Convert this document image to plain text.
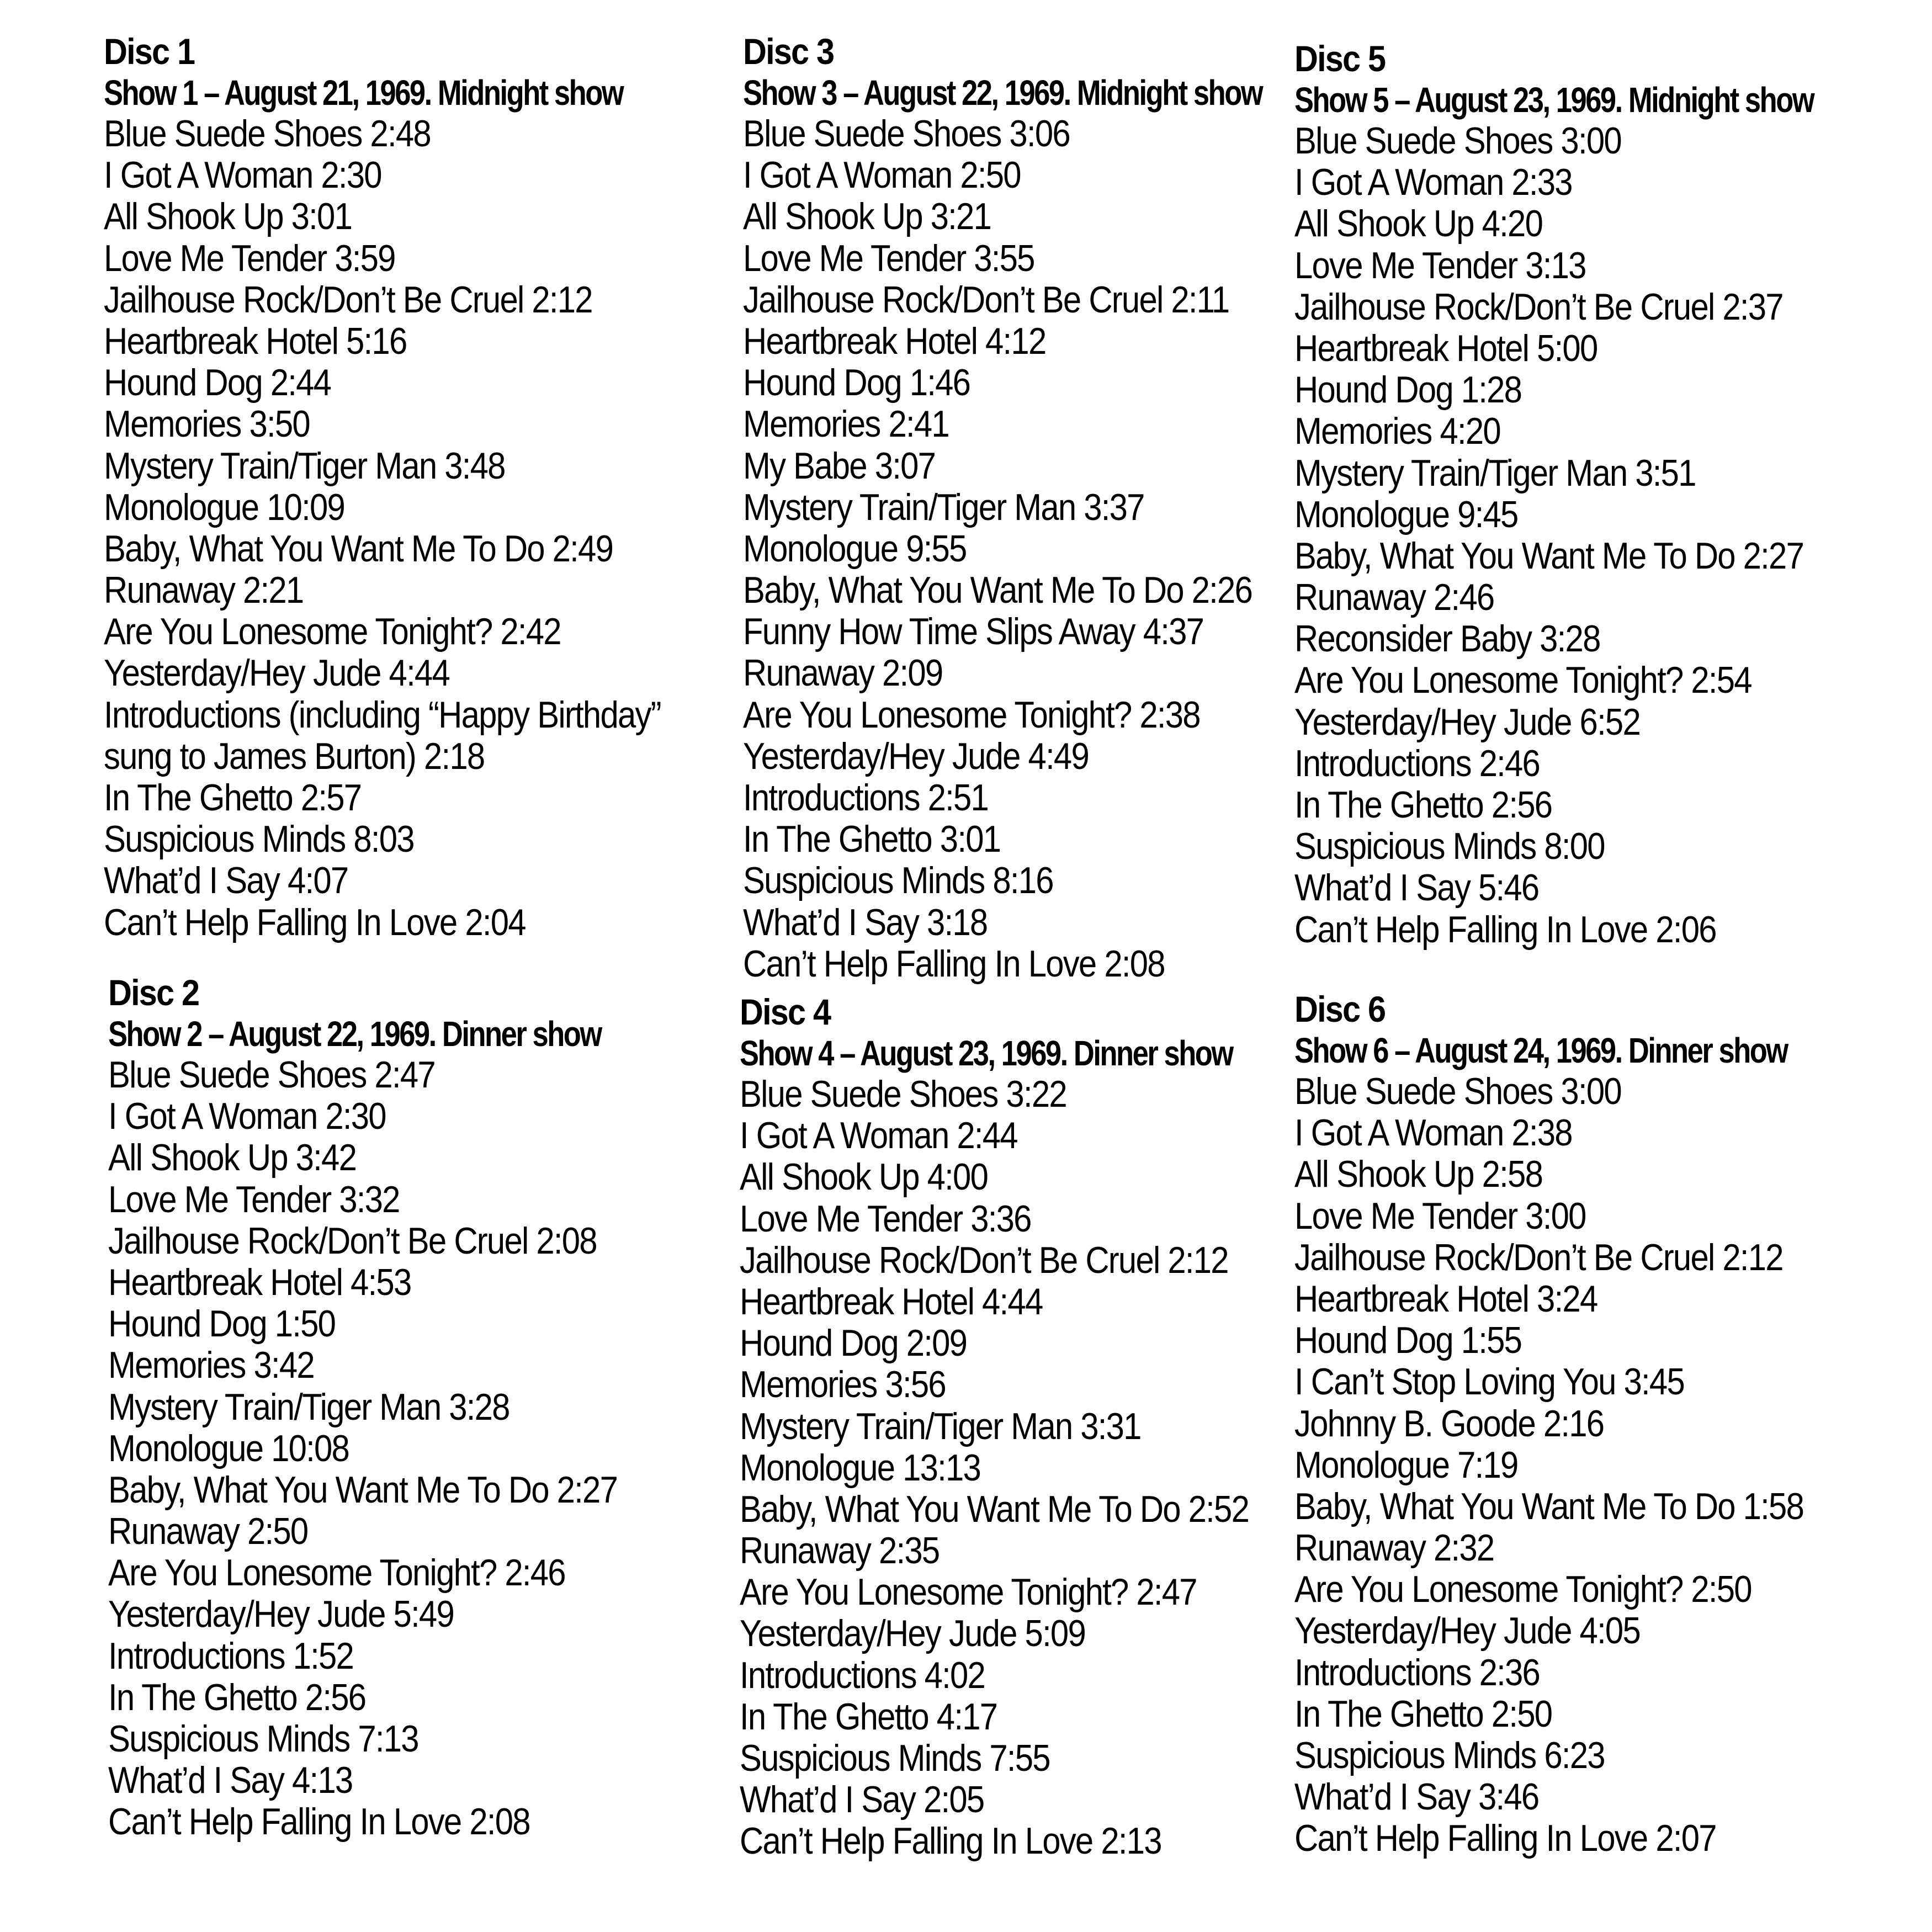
Disc 1
Show 1 – August 21, 1969. Midnight show
Blue Suede Shoes 2:48
I Got A Woman 2:30
All Shook Up 3:01
Love Me Tender 3:59
Jailhouse Rock/Don’t Be Cruel 2:12
Heartbreak Hotel 5:16
Hound Dog 2:44
Memories 3:50
Mystery Train/Tiger Man 3:48
Monologue 10:09
Baby, What You Want Me To Do 2:49
Runaway 2:21
Are You Lonesome Tonight? 2:42
Yesterday/Hey Jude 4:44
Introductions (including “Happy Birthday”
sung to James Burton) 2:18
In The Ghetto 2:57
Suspicious Minds 8:03
What’d I Say 4:07
Can’t Help Falling In Love 2:04
Disc 2
Show 2 – August 22, 1969. Dinner show
Blue Suede Shoes 2:47
I Got A Woman 2:30
All Shook Up 3:42
Love Me Tender 3:32
Jailhouse Rock/Don’t Be Cruel 2:08
Heartbreak Hotel 4:53
Hound Dog 1:50
Memories 3:42
Mystery Train/Tiger Man 3:28
Monologue 10:08
Baby, What You Want Me To Do 2:27
Runaway 2:50
Are You Lonesome Tonight? 2:46
Yesterday/Hey Jude 5:49
Introductions 1:52
In The Ghetto 2:56
Suspicious Minds 7:13
What’d I Say 4:13
Can’t Help Falling In Love 2:08
Disc 3
Show 3 – August 22, 1969. Midnight show
Blue Suede Shoes 3:06
I Got A Woman 2:50
All Shook Up 3:21
Love Me Tender 3:55
Jailhouse Rock/Don’t Be Cruel 2:11
Heartbreak Hotel 4:12
Hound Dog 1:46
Memories 2:41
My Babe 3:07
Mystery Train/Tiger Man 3:37
Monologue 9:55
Baby, What You Want Me To Do 2:26
Funny How Time Slips Away 4:37
Runaway 2:09
Are You Lonesome Tonight? 2:38
Yesterday/Hey Jude 4:49
Introductions 2:51
In The Ghetto 3:01
Suspicious Minds 8:16
What’d I Say 3:18
Can’t Help Falling In Love 2:08
Disc 4
Show 4 – August 23, 1969. Dinner show
Blue Suede Shoes 3:22
I Got A Woman 2:44
All Shook Up 4:00
Love Me Tender 3:36
Jailhouse Rock/Don’t Be Cruel 2:12
Heartbreak Hotel 4:44
Hound Dog 2:09
Memories 3:56
Mystery Train/Tiger Man 3:31
Monologue 13:13
Baby, What You Want Me To Do 2:52
Runaway 2:35
Are You Lonesome Tonight? 2:47
Yesterday/Hey Jude 5:09
Introductions 4:02
In The Ghetto 4:17
Suspicious Minds 7:55
What’d I Say 2:05
Can’t Help Falling In Love 2:13
Disc 5
Show 5 – August 23, 1969. Midnight show
Blue Suede Shoes 3:00
I Got A Woman 2:33
All Shook Up 4:20
Love Me Tender 3:13
Jailhouse Rock/Don’t Be Cruel 2:37
Heartbreak Hotel 5:00
Hound Dog 1:28
Memories 4:20
Mystery Train/Tiger Man 3:51
Monologue 9:45
Baby, What You Want Me To Do 2:27
Runaway 2:46
Reconsider Baby 3:28
Are You Lonesome Tonight? 2:54
Yesterday/Hey Jude 6:52
Introductions 2:46
In The Ghetto 2:56
Suspicious Minds 8:00
What’d I Say 5:46
Can’t Help Falling In Love 2:06
Disc 6
Show 6 – August 24, 1969. Dinner show
Blue Suede Shoes 3:00
I Got A Woman 2:38
All Shook Up 2:58
Love Me Tender 3:00
Jailhouse Rock/Don’t Be Cruel 2:12
Heartbreak Hotel 3:24
Hound Dog 1:55
I Can’t Stop Loving You 3:45
Johnny B. Goode 2:16
Monologue 7:19
Baby, What You Want Me To Do 1:58
Runaway 2:32
Are You Lonesome Tonight? 2:50
Yesterday/Hey Jude 4:05
Introductions 2:36
In The Ghetto 2:50
Suspicious Minds 6:23
What’d I Say 3:46
Can’t Help Falling In Love 2:07
